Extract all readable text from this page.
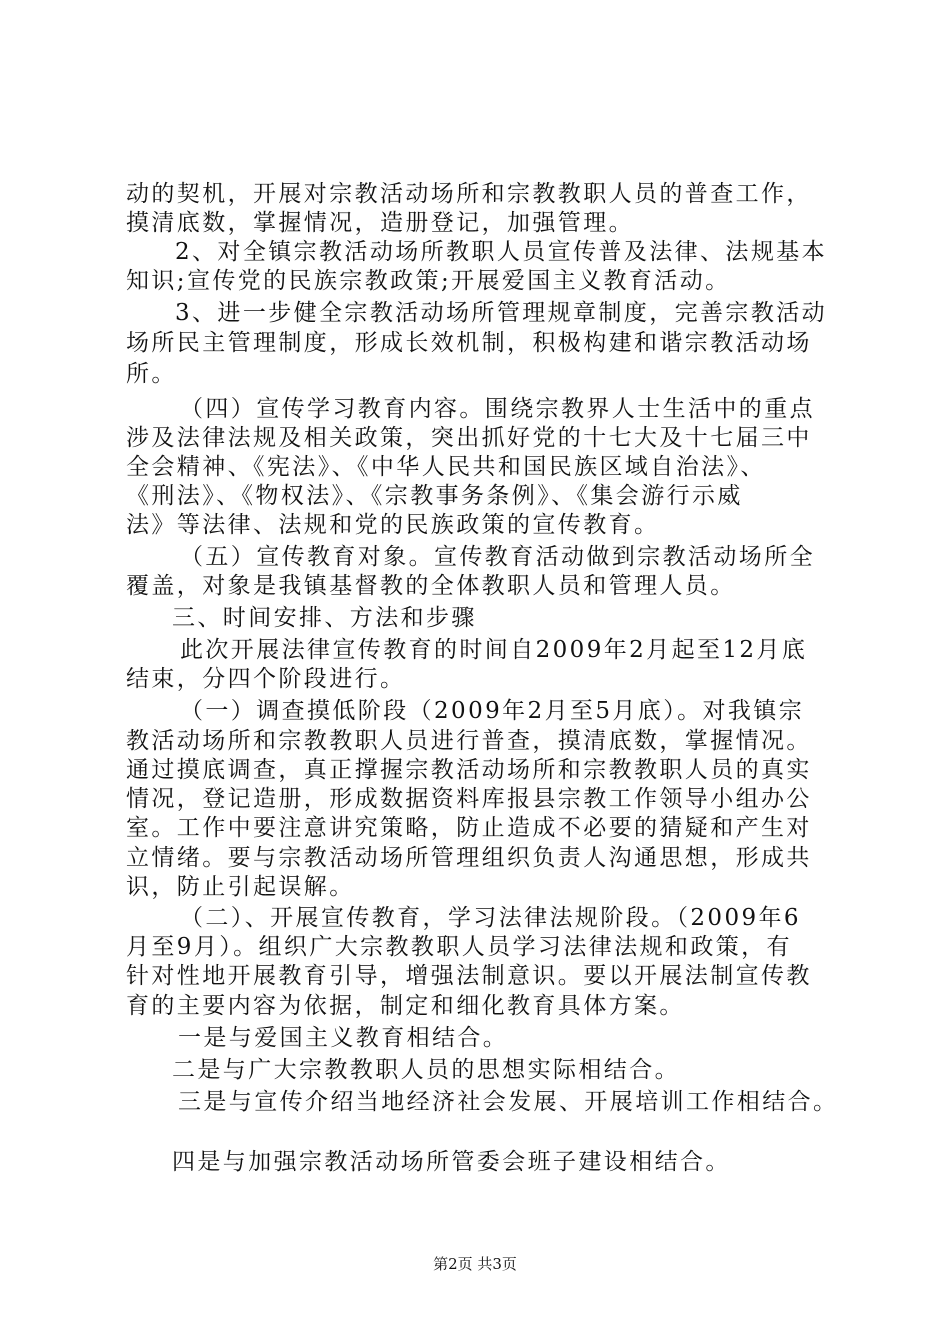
动的契机，开展对宗教活动场所和宗教教职人员的普查工作，
摸清底数，掌握情况，造册登记，加强管理。
2、对全镇宗教活动场所教职人员宣传普及法律、法规基本
知识;宣传党的民族宗教政策;开展爱国主义教育活动。
3、进一步健全宗教活动场所管理规章制度，完善宗教活动
场所民主管理制度，形成长效机制，积极构建和谐宗教活动场
所。
（四）宣传学习教育内容。围绕宗教界人士生活中的重点
涉及法律法规及相关政策，突出抓好党的十七大及十七届三中
全会精神、《宪法》、《中华人民共和国民族区域自治法》、
《刑法》、《物权法》、《宗教事务条例》、《集会游行示威
法》等法律、法规和党的民族政策的宣传教育。
（五）宣传教育对象。宣传教育活动做到宗教活动场所全
覆盖，对象是我镇基督教的全体教职人员和管理人员。
三、时间安排、方法和步骤
此次开展法律宣传教育的时间自2009年2月起至12月底
结束，分四个阶段进行。
（一）调查摸低阶段（2009年2月至5月底）。对我镇宗
教活动场所和宗教教职人员进行普查，摸清底数，掌握情况。
通过摸底调查，真正撑握宗教活动场所和宗教教职人员的真实
情况，登记造册，形成数据资料库报县宗教工作领导小组办公
室。工作中要注意讲究策略，防止造成不必要的猜疑和产生对
立情绪。要与宗教活动场所管理组织负责人沟通思想，形成共
识，防止引起误解。
（二）、开展宣传教育，学习法律法规阶段。（2009年6
月至9月）。组织广大宗教教职人员学习法律法规和政策，有
针对性地开展教育引导，增强法制意识。要以开展法制宣传教
育的主要内容为依据，制定和细化教育具体方案。
一是与爱国主义教育相结合。
二是与广大宗教教职人员的思想实际相结合。
三是与宣传介绍当地经济社会发展、开展培训工作相结合。
四是与加强宗教活动场所管委会班子建设相结合。
第2页 共3页
